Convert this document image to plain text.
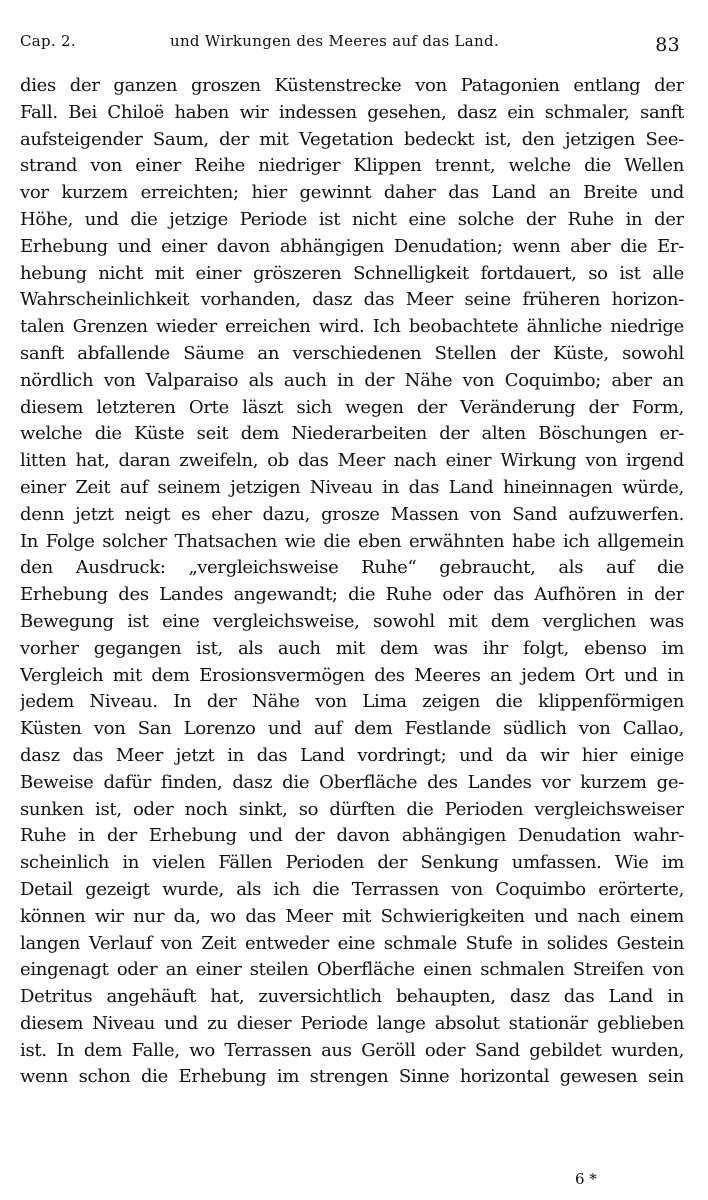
Cap. 2.	und Wirkungen des Meeres auf das Land.	83
dies der ganzen groszen Küstenstrecke von Patagonien entlang der
Fall. Bei Chiloë haben wir indessen gesehen, dasz ein schmaler, sanft
aufsteigender Saum, der mit Vegetation bedeckt ist, den jetzigen See-
strand von einer Reihe niedriger Klippen trennt, welche die Wellen
vor kurzem erreichten; hier gewinnt daher das Land an Breite und
Höhe, und die jetzige Periode ist nicht eine solche der Ruhe in der
Erhebung und einer davon abhängigen Denudation; wenn aber die Er-
hebung nicht mit einer gröszeren Schnelligkeit fortdauert, so ist alle
Wahrscheinlichkeit vorhanden, dasz das Meer seine früheren horizon-
talen Grenzen wieder erreichen wird. Ich beobachtete ähnliche niedrige
sanft abfallende Säume an verschiedenen Stellen der Küste, sowohl
nördlich von Valparaiso als auch in der Nähe von Coquimbo; aber an
diesem letzteren Orte läszt sich wegen der Veränderung der Form,
welche die Küste seit dem Niederarbeiten der alten Böschungen er-
litten hat, daran zweifeln, ob das Meer nach einer Wirkung von irgend
einer Zeit auf seinem jetzigen Niveau in das Land hineinnagen würde,
denn jetzt neigt es eher dazu, grosze Massen von Sand aufzuwerfen.
In Folge solcher Thatsachen wie die eben erwähnten habe ich allgemein
den Ausdruck: „vergleichsweise Ruhe“ gebraucht, als auf die
Erhebung des Landes angewandt; die Ruhe oder das Aufhören in der
Bewegung ist eine vergleichsweise, sowohl mit dem verglichen was
vorher gegangen ist, als auch mit dem was ihr folgt, ebenso im
Vergleich mit dem Erosionsvermögen des Meeres an jedem Ort und in
jedem Niveau. In der Nähe von Lima zeigen die klippenförmigen
Küsten von San Lorenzo und auf dem Festlande südlich von Callao,
dasz das Meer jetzt in das Land vordringt; und da wir hier einige
Beweise dafür finden, dasz die Oberfläche des Landes vor kurzem ge-
sunken ist, oder noch sinkt, so dürften die Perioden vergleichsweiser
Ruhe in der Erhebung und der davon abhängigen Denudation wahr-
scheinlich in vielen Fällen Perioden der Senkung umfassen. Wie im
Detail gezeigt wurde, als ich die Terrassen von Coquimbo erörterte,
können wir nur da, wo das Meer mit Schwierigkeiten und nach einem
langen Verlauf von Zeit entweder eine schmale Stufe in solides Gestein
eingenagt oder an einer steilen Oberfläche einen schmalen Streifen von
Detritus angehäuft hat, zuversichtlich behaupten, dasz das Land in
diesem Niveau und zu dieser Periode lange absolut stationär geblieben
ist. In dem Falle, wo Terrassen aus Geröll oder Sand gebildet wurden,
wenn schon die Erhebung im strengen Sinne horizontal gewesen sein
6 *
